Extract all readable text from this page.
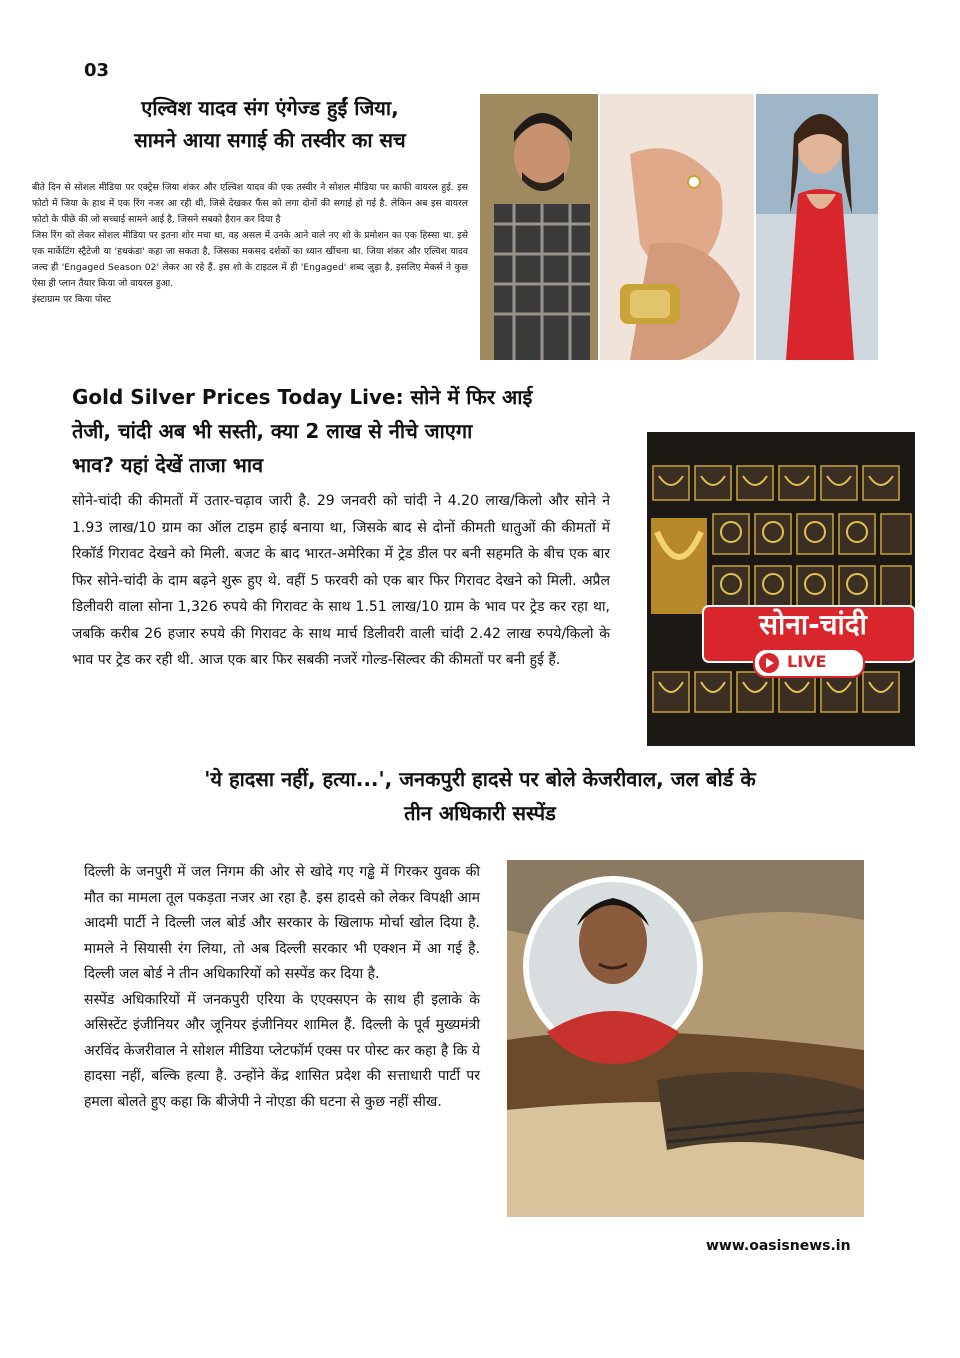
03
एल्विश यादव संग एंगेज्ड हुईं जिया,
सामने आया सगाई की तस्वीर का सच
बीते दिन से सोशल मीडिया पर एक्ट्रेस जिया शंकर और एल्विश यादव की एक तस्वीर ने सोशल मीडिया पर काफी वायरल हुई. इस फोटो में जिया के हाथ में एक रिंग नजर आ रही थी, जिसे देखकर फैंस को लगा दोनों की सगाई हो गई है. लेकिन अब इस वायरल फोटो के पीछे की जो सच्चाई सामने आई है, जिसने सबको हैरान कर दिया है
जिस रिंग को लेकर सोशल मीडिया पर इतना शोर मचा था, वह असल में उनके आने वाले नए शो के प्रमोशन का एक हिस्सा था. इसे एक मार्केटिंग स्ट्रैटेजी या 'हथकंडा' कहा जा सकता है, जिसका मकसद दर्शकों का ध्यान खींचना था. जिया शंकर और एल्विश यादव जल्द ही 'Engaged Season 02' लेकर आ रहे हैं. इस शो के टाइटल में ही 'Engaged' शब्द जुड़ा है, इसलिए मेकर्स ने कुछ ऐसा ही प्लान तैयार किया जो वायरल हुआ.
इंस्टाग्राम पर किया पोस्ट
Gold Silver Prices Today Live: सोने में फिर आई
तेजी, चांदी अब भी सस्ती, क्या 2 लाख से नीचे जाएगा
भाव? यहां देखें ताजा भाव
सोने-चांदी की कीमतों में उतार-चढ़ाव जारी है. 29 जनवरी को चांदी ने 4.20 लाख/किलो और सोने ने 1.93 लाख/10 ग्राम का ऑल टाइम हाई बनाया था, जिसके बाद से दोनों कीमती धातुओं की कीमतों में रिकॉर्ड गिरावट देखने को मिली. बजट के बाद भारत-अमेरिका में ट्रेड डील पर बनी सहमति के बीच एक बार फिर सोने-चांदी के दाम बढ़ने शुरू हुए थे. वहीं 5 फरवरी को एक बार फिर गिरावट देखने को मिली. अप्रैल डिलीवरी वाला सोना 1,326 रुपये की गिरावट के साथ 1.51 लाख/10 ग्राम के भाव पर ट्रेड कर रहा था, जबकि करीब 26 हजार रुपये की गिरावट के साथ मार्च डिलीवरी वाली चांदी 2.42 लाख रुपये/किलो के भाव पर ट्रेड कर रही थी. आज एक बार फिर सबकी नजरें गोल्ड-सिल्वर की कीमतों पर बनी हुई हैं.
सोना-चांदी
LIVE
'ये हादसा नहीं, हत्या...', जनकपुरी हादसे पर बोले केजरीवाल, जल बोर्ड के
तीन अधिकारी सस्पेंड
दिल्ली के जनपुरी में जल निगम की ओर से खोदे गए गड्ढे में गिरकर युवक की मौत का मामला तूल पकड़ता नजर आ रहा है. इस हादसे को लेकर विपक्षी आम आदमी पार्टी ने दिल्ली जल बोर्ड और सरकार के खिलाफ मोर्चा खोल दिया है. मामले ने सियासी रंग लिया, तो अब दिल्ली सरकार भी एक्शन में आ गई है. दिल्ली जल बोर्ड ने तीन अधिकारियों को सस्पेंड कर दिया है.
सस्पेंड अधिकारियों में जनकपुरी एरिया के एएक्सएन के साथ ही इलाके के असिस्टेंट इंजीनियर और जूनियर इंजीनियर शामिल हैं. दिल्ली के पूर्व मुख्यमंत्री अरविंद केजरीवाल ने सोशल मीडिया प्लेटफॉर्म एक्स पर पोस्ट कर कहा है कि ये हादसा नहीं, बल्कि हत्या है. उन्होंने केंद्र शासित प्रदेश की सत्ताधारी पार्टी पर हमला बोलते हुए कहा कि बीजेपी ने नोएडा की घटना से कुछ नहीं सीख.
www.oasisnews.in
